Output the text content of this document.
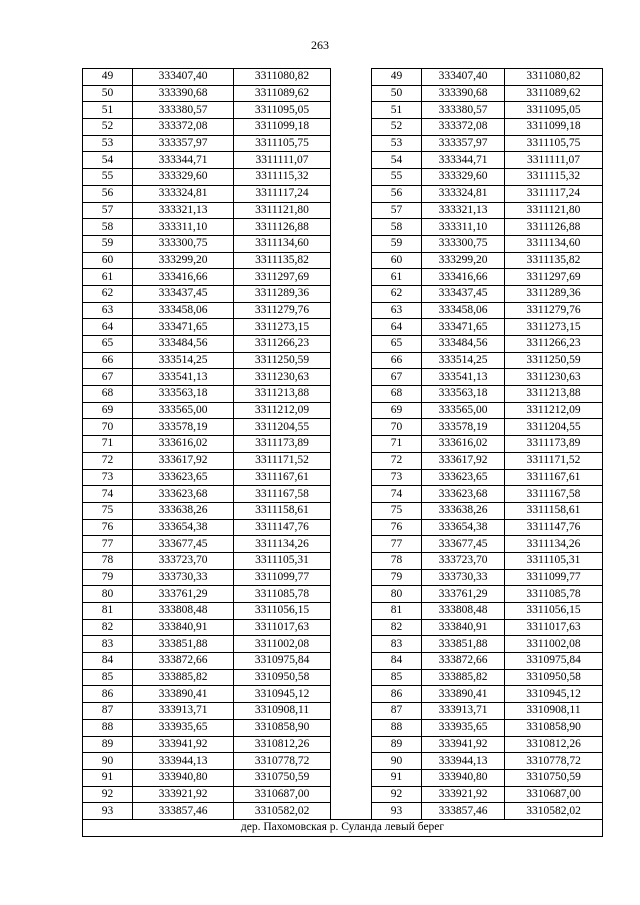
263
49	333407,40	3311080,82		49	333407,40	3311080,82
50	333390,68	3311089,62		50	333390,68	3311089,62
51	333380,57	3311095,05		51	333380,57	3311095,05
52	333372,08	3311099,18		52	333372,08	3311099,18
53	333357,97	3311105,75		53	333357,97	3311105,75
54	333344,71	3311111,07		54	333344,71	3311111,07
55	333329,60	3311115,32		55	333329,60	3311115,32
56	333324,81	3311117,24		56	333324,81	3311117,24
57	333321,13	3311121,80		57	333321,13	3311121,80
58	333311,10	3311126,88		58	333311,10	3311126,88
59	333300,75	3311134,60		59	333300,75	3311134,60
60	333299,20	3311135,82		60	333299,20	3311135,82
61	333416,66	3311297,69		61	333416,66	3311297,69
62	333437,45	3311289,36		62	333437,45	3311289,36
63	333458,06	3311279,76		63	333458,06	3311279,76
64	333471,65	3311273,15		64	333471,65	3311273,15
65	333484,56	3311266,23		65	333484,56	3311266,23
66	333514,25	3311250,59		66	333514,25	3311250,59
67	333541,13	3311230,63		67	333541,13	3311230,63
68	333563,18	3311213,88		68	333563,18	3311213,88
69	333565,00	3311212,09		69	333565,00	3311212,09
70	333578,19	3311204,55		70	333578,19	3311204,55
71	333616,02	3311173,89		71	333616,02	3311173,89
72	333617,92	3311171,52		72	333617,92	3311171,52
73	333623,65	3311167,61		73	333623,65	3311167,61
74	333623,68	3311167,58		74	333623,68	3311167,58
75	333638,26	3311158,61		75	333638,26	3311158,61
76	333654,38	3311147,76		76	333654,38	3311147,76
77	333677,45	3311134,26		77	333677,45	3311134,26
78	333723,70	3311105,31		78	333723,70	3311105,31
79	333730,33	3311099,77		79	333730,33	3311099,77
80	333761,29	3311085,78		80	333761,29	3311085,78
81	333808,48	3311056,15		81	333808,48	3311056,15
82	333840,91	3311017,63		82	333840,91	3311017,63
83	333851,88	3311002,08		83	333851,88	3311002,08
84	333872,66	3310975,84		84	333872,66	3310975,84
85	333885,82	3310950,58		85	333885,82	3310950,58
86	333890,41	3310945,12		86	333890,41	3310945,12
87	333913,71	3310908,11		87	333913,71	3310908,11
88	333935,65	3310858,90		88	333935,65	3310858,90
89	333941,92	3310812,26		89	333941,92	3310812,26
90	333944,13	3310778,72		90	333944,13	3310778,72
91	333940,80	3310750,59		91	333940,80	3310750,59
92	333921,92	3310687,00		92	333921,92	3310687,00
93	333857,46	3310582,02		93	333857,46	3310582,02
дер. Пахомовская р. Суланда левый берег						
